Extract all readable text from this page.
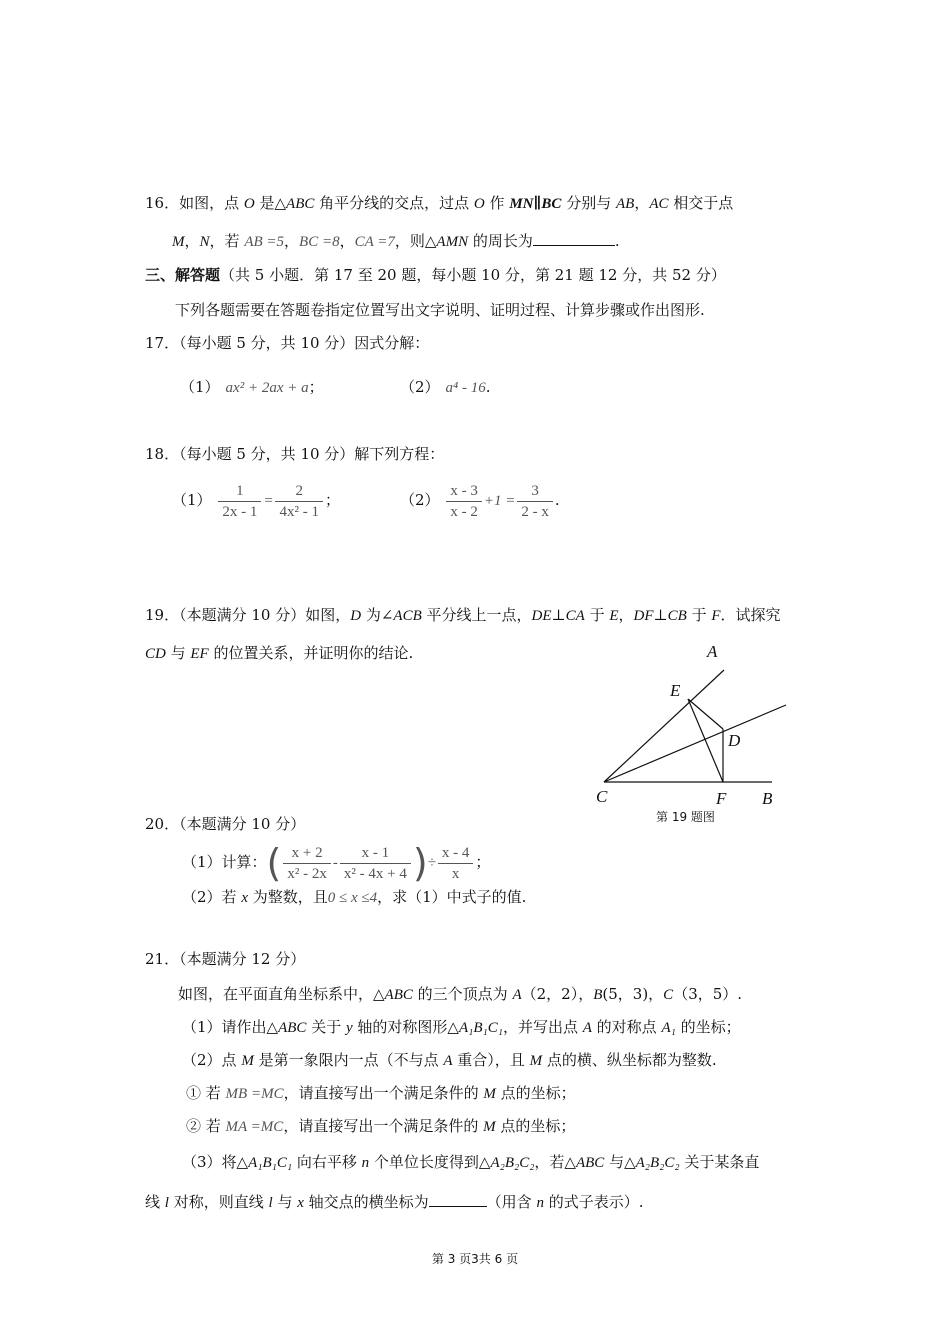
16．如图，点 O 是△ABC 角平分线的交点，过点 O 作 MN∥BC 分别与 AB，AC 相交于点
M，N，若 AB =5，BC =8，CA =7，则△AMN 的周长为	.
三、解答题（共 5 小题．第 17 至 20 题，每小题 10 分，第 21 题 12 分，共 52 分）
下列各题需要在答题卷指定位置写出文字说明、证明过程、计算步骤或作出图形.
17．（每小题 5 分，共 10 分）因式分解：
（1） ax² + 2ax + a；	（2） a⁴ - 16.
18．（每小题 5 分，共 10 分）解下列方程：
$(1) \frac{1}{2x - 1} = \frac{2}{\text{4x² - 1}}$ ；	$(2) \frac{x - 3}{x - 2} +1 = \frac{3}{2 - x}$ .
19．（本题满分 10 分）如图，D 为∠ACB 平分线上一点，DE⊥CA 于 E，DF⊥CB 于 F．试探究
CD 与 EF 的位置关系，并证明你的结论.	A
E
D
C	F B
第 19 题图
20．（本题满分 10 分）
（1）计算：( $\frac{x + 2}{\text{x² - 2x}} - \frac{x - 1}{\text{x² - 4x + 4}}$ )÷ $\frac{x - 4}{x}$ ；
（2）若 x 为整数，且0 ≤ x ≤4，求（1）中式子的值.
21．（本题满分 12 分）
如图，在平面直角坐标系中，△ABC 的三个顶点为 A（2，2），B(5，3)，C（3，5）.
（1）请作出△ABC 关于 y 轴的对称图形△A₁B₁C₁，并写出点 A 的对称点 A₁ 的坐标；
（2）点 M 是第一象限内一点（不与点 A 重合），且 M 点的横、纵坐标都为整数.
① 若 MB =MC，请直接写出一个满足条件的 M 点的坐标；
② 若 MA =MC，请直接写出一个满足条件的 M 点的坐标；
（3）将△A₁B₁C₁ 向右平移 n 个单位长度得到△A₂B₂C₂，若△ABC 与△A₂B₂C₂ 关于某条直
线 l 对称，则直线 l 与 x 轴交点的横坐标为	（用含 n 的式子表示）.
第 3 页3共 6 页
